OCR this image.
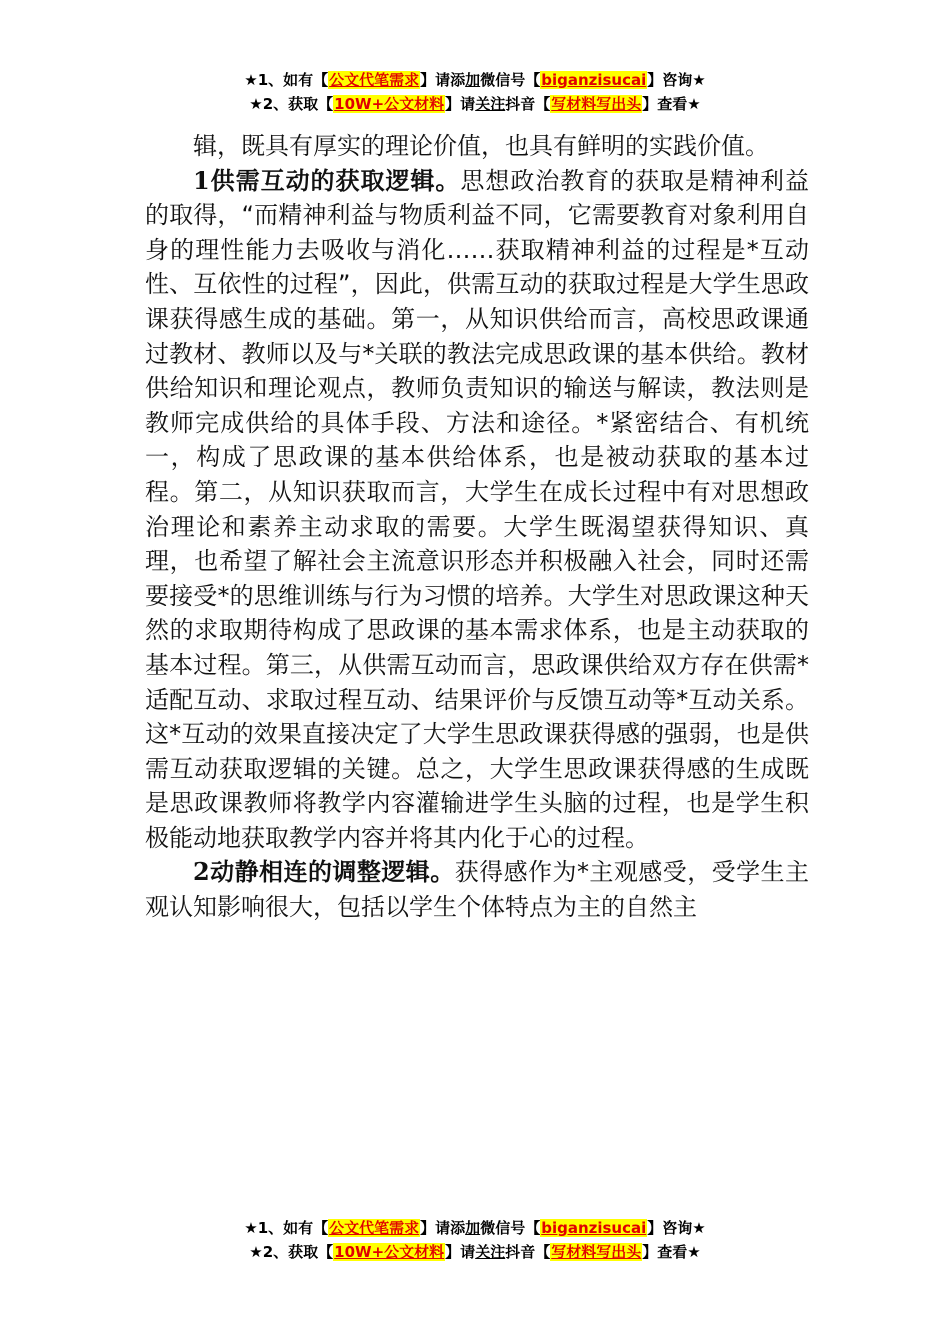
★1、如有【公文代笔需求】请添加微信号【biganzisucai】咨询★
★2、获取【10W+公文材料】请关注抖音【写材料写出头】查看★

辑，既具有厚实的理论价值，也具有鲜明的实践价值。

1供需互动的获取逻辑。思想政治教育的获取是精神利益的取得，“而精神利益与物质利益不同，它需要教育对象利用自身的理性能力去吸收与消化……获取精神利益的过程是*互动性、互依性的过程”，因此，供需互动的获取过程是大学生思政课获得感生成的基础。第一，从知识供给而言，高校思政课通过教材、教师以及与*关联的教法完成思政课的基本供给。教材供给知识和理论观点，教师负责知识的输送与解读，教法则是教师完成供给的具体手段、方法和途径。*紧密结合、有机统一，构成了思政课的基本供给体系，也是被动获取的基本过程。第二，从知识获取而言，大学生在成长过程中有对思想政治理论和素养主动求取的需要。大学生既渴望获得知识、真理，也希望了解社会主流意识形态并积极融入社会，同时还需要接受*的思维训练与行为习惯的培养。大学生对思政课这种天然的求取期待构成了思政课的基本需求体系，也是主动获取的基本过程。第三，从供需互动而言，思政课供给双方存在供需*适配互动、求取过程互动、结果评价与反馈互动等*互动关系。这*互动的效果直接决定了大学生思政课获得感的强弱，也是供需互动获取逻辑的关键。总之，大学生思政课获得感的生成既是思政课教师将教学内容灌输进学生头脑的过程，也是学生积极能动地获取教学内容并将其内化于心的过程。

2动静相连的调整逻辑。获得感作为*主观感受，受学生主观认知影响很大，包括以学生个体特点为主的自然主

★1、如有【公文代笔需求】请添加微信号【biganzisucai】咨询★
★2、获取【10W+公文材料】请关注抖音【写材料写出头】查看★
